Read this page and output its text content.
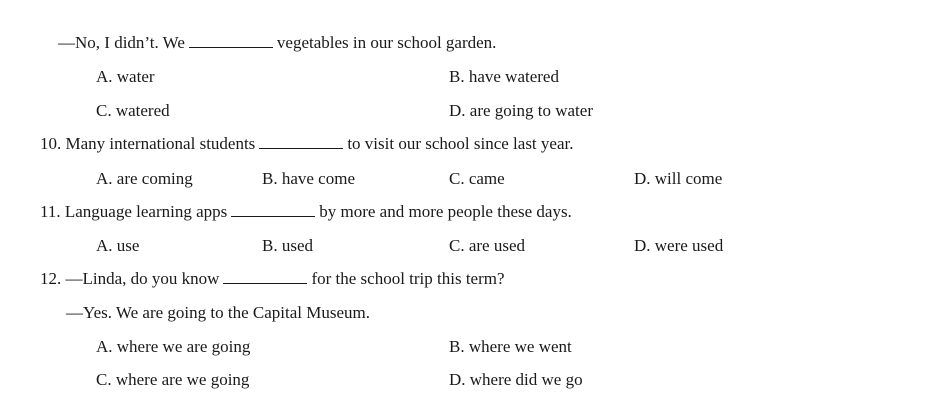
—No, I didn’t. We	vegetables in our school garden.
A. water	B. have watered
C. watered	D. are going to water
10. Many international students	to visit our school since last year.
A. are coming	B. have come	C. came	D. will come
11. Language learning apps	by more and more people these days.
A. use	B. used	C. are used	D. were used
12. —Linda, do you know	for the school trip this term?
—Yes. We are going to the Capital Museum.
A. where we are going	B. where we went
C. where are we going	D. where did we go
